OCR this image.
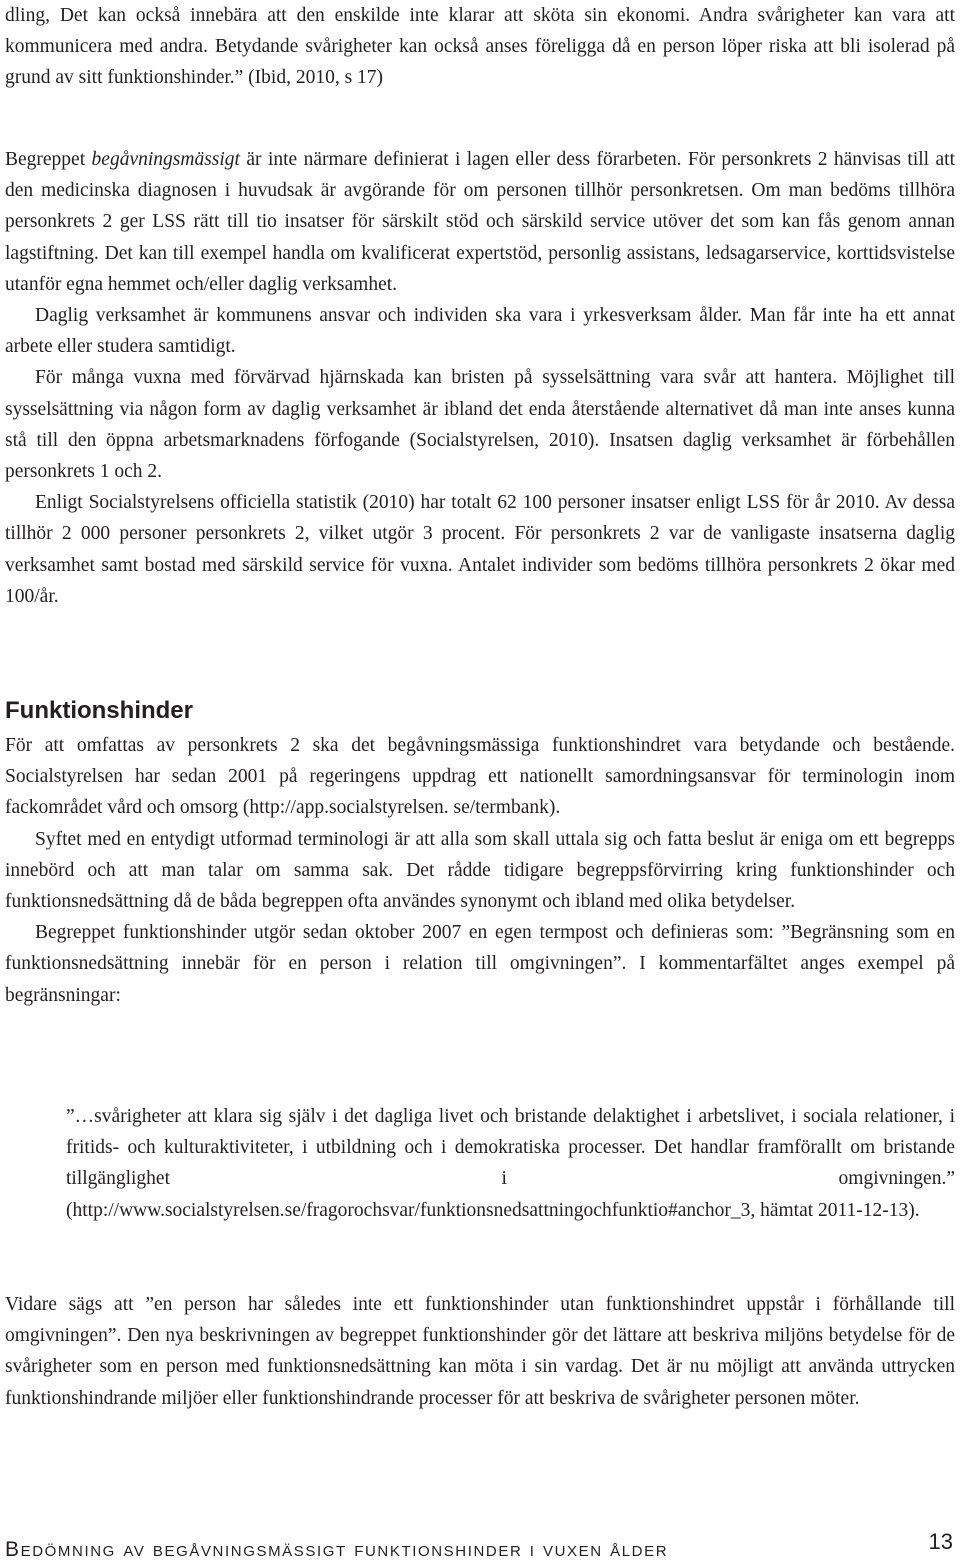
dling, Det kan också innebära att den enskilde inte klarar att sköta sin ekonomi. Andra svårigheter kan vara att kommunicera med andra. Betydande svårigheter kan också anses föreligga då en person löper riska att bli isolerad på grund av sitt funktionshinder.” (Ibid, 2010, s 17)

Begreppet begåvningsmässigt är inte närmare definierat i lagen eller dess förarbeten. För personkrets 2 hänvisas till att den medicinska diagnosen i huvudsak är avgörande för om personen tillhör personkretsen. Om man bedöms tillhöra personkrets 2 ger LSS rätt till tio insatser för särskilt stöd och särskild service utöver det som kan fås genom annan lagstiftning. Det kan till exempel handla om kvalificerat expertstöd, personlig assistans, ledsagarservice, korttidsvistelse utanför egna hemmet och/eller daglig verksamhet.

Daglig verksamhet är kommunens ansvar och individen ska vara i yrkesverksam ålder. Man får inte ha ett annat arbete eller studera samtidigt.

För många vuxna med förvärvad hjärnskada kan bristen på sysselsättning vara svår att hantera. Möjlighet till sysselsättning via någon form av daglig verksamhet är ibland det enda återstående alternativet då man inte anses kunna stå till den öppna arbetsmarknadens förfogande (Socialstyrelsen, 2010). Insatsen daglig verksamhet är förbehållen personkrets 1 och 2.

Enligt Socialstyrelsens officiella statistik (2010) har totalt 62 100 personer insatser enligt LSS för år 2010. Av dessa tillhör 2 000 personer personkrets 2, vilket utgör 3 procent. För personkrets 2 var de vanligaste insatserna daglig verksamhet samt bostad med särskild service för vuxna. Antalet individer som bedöms tillhöra personkrets 2 ökar med 100/år.

Funktionshinder

För att omfattas av personkrets 2 ska det begåvningsmässiga funktionshindret vara betydande och bestående. Socialstyrelsen har sedan 2001 på regeringens uppdrag ett nationellt samordningsansvar för terminologin inom fackområdet vård och omsorg (http://app.socialstyrelsen. se/termbank).

Syftet med en entydigt utformad terminologi är att alla som skall uttala sig och fatta beslut är eniga om ett begrepps innebörd och att man talar om samma sak. Det rådde tidigare begreppsförvirring kring funktionshinder och funktionsnedsättning då de båda begreppen ofta användes synonymt och ibland med olika betydelser.

Begreppet funktionshinder utgör sedan oktober 2007 en egen termpost och definieras som: ”Begränsning som en funktionsnedsättning innebär för en person i relation till omgivningen”. I kommentarfältet anges exempel på begränsningar:

”…svårigheter att klara sig själv i det dagliga livet och bristande delaktighet i arbetslivet, i sociala relationer, i fritids- och kulturaktiviteter, i utbildning och i demokratiska processer. Det handlar framförallt om bristande tillgänglighet i omgivningen.” (http://www.socialstyrelsen.se/fragorochsvar/funktionsnedsattningochfunktio#anchor_3, hämtat 2011-12-13).

Vidare sägs att ”en person har således inte ett funktionshinder utan funktionshindret uppstår i förhållande till omgivningen”. Den nya beskrivningen av begreppet funktionshinder gör det lättare att beskriva miljöns betydelse för de svårigheter som en person med funktionsnedsättning kan möta i sin vardag. Det är nu möjligt att använda uttrycken funktionshindrande miljöer eller funktionshindrande processer för att beskriva de svårigheter personen möter.

Bedömning av begåvningsmässigt funktionshinder i vuxen ålder	13
